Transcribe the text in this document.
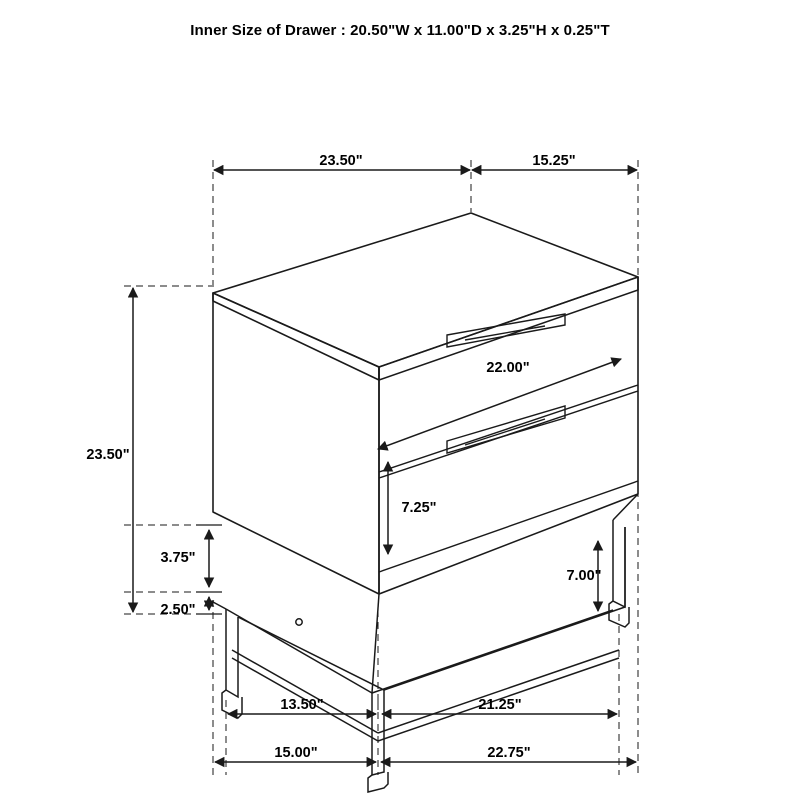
Inner Size of Drawer : 20.50"W x 11.00"D x 3.25"H x 0.25"T
23.50"	15.25"
23.50"
22.00"
7.25"
7.00"
13.50"	21.25"
15.00"	22.75"
3.75"
2.50"
